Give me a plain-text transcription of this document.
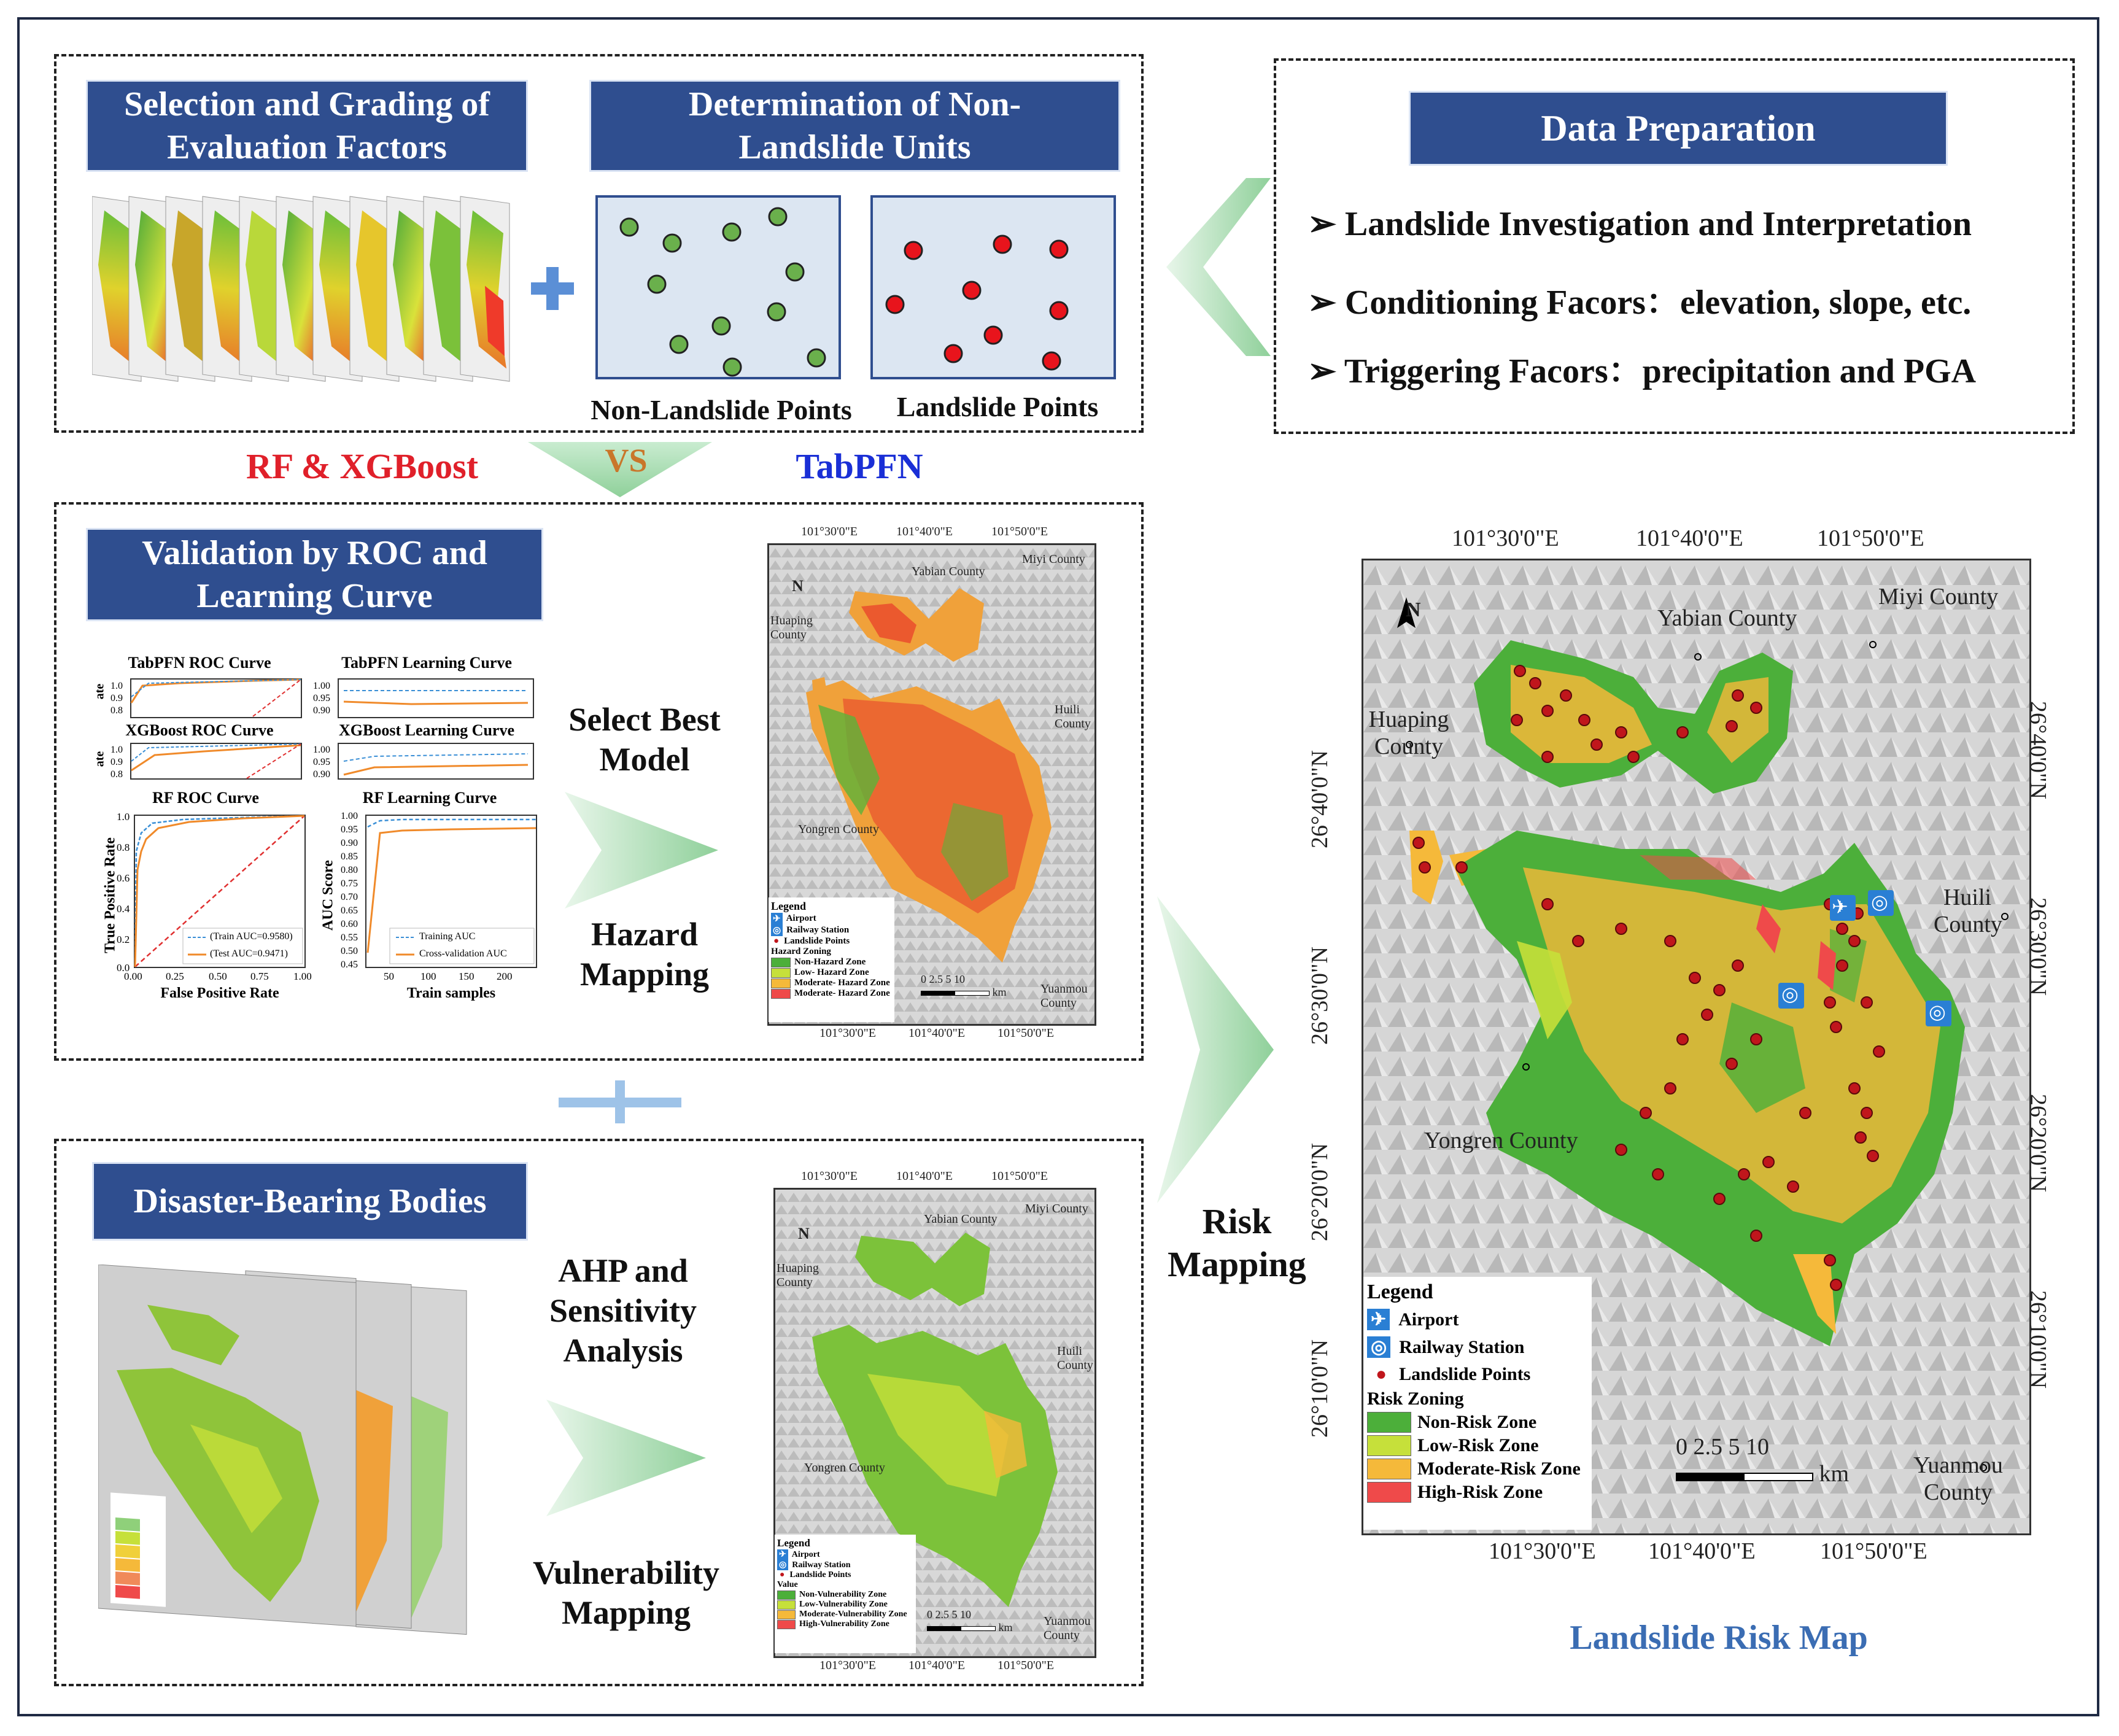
Selection and Grading of Evaluation Factors
Determination of Non-Landslide Units
Non-Landslide Points	Landslide Points
Data Preparation
➢ Landslide Investigation and Interpretation
➢ Conditioning Facors：elevation, slope, etc.
➢ Triggering Facors：precipitation and PGA
RF & XGBoost	VS	TabPFN
Validation by ROC and Learning Curve
TabPFN ROC Curve
ate 1.0
0.9
0.8
TabPFN Learning Curve
1.00
0.95
0.90
XGBoost ROC Curve
ate
1.0
0.9
0.8
XGBoost Learning Curve
1.00
0.95
0.90
RF ROC Curve
(Train AUC=0.9580)
(Test AUC=0.9471)
True Positive Rate
False Positive Rate
0.00 0.25 0.50 0.75 1.00
1.0
0.8
0.6
0.4
0.2
0.0
RF Learning Curve
Training AUC
Cross-validation AUC
AUC Score
Train samples
50	100 150 200
1.00
0.95
0.90
0.85
0.80
0.75
0.70
0.65
0.60
0.55
0.50
0.45
Select Best Model
Hazard Mapping
101°30'0"E	101°40'0"E	101°50'0"E
101°30'0"E	101°40'0"E	101°50'0"E
Yabian County
Miyi County
Huaping County
Huili County
Yongren County
Yuanmou County
N
Legend
✈ Airport
◎ Railway Station
● Landslide Points
Hazard Zoning
Non-Hazard Zone
Low- Hazard Zone
Moderate- Hazard Zone
Moderate- Hazard Zone
0 2.5 5 10
km
Disaster-Bearing Bodies
AHP and Sensitivity Analysis
Vulnerability Mapping
101°30'0"E	101°40'0"E	101°50'0"E
101°30'0"E	101°40'0"E	101°50'0"E
Yabian County
Miyi County
Huaping County
Huili County
Yongren County
Yuanmou County
N
Legend
✈ Airport
◎ Railway Station
● Landslide Points
Value
Non-Vulnerability Zone
Low-Vulnerability Zone
Moderate-Vulnerability Zone
High-Vulnerability Zone
0 2.5 5 10
km
Risk Mapping
✈ ◎
◎
◎
101°30'0"E	101°40'0"E	101°50'0"E
101°30'0"E 101°40'0"E	101°50'0"E
26°40'0"N
26°30'0"N
26°20'0"N
26°10'0"N
26°40'0"N
26°30'0"N
26°20'0"N
26°10'0"N
N	Yabian County
Miyi County
Huaping County
Huili County
Yongren County
Yuanmou County
Legend
✈ Airport
◎ Railway Station
● Landslide Points
Risk Zoning
Non-Risk Zone
Low-Risk Zone
Moderate-Risk Zone
High-Risk Zone
0 2.5 5 10
km
Landslide Risk Map
